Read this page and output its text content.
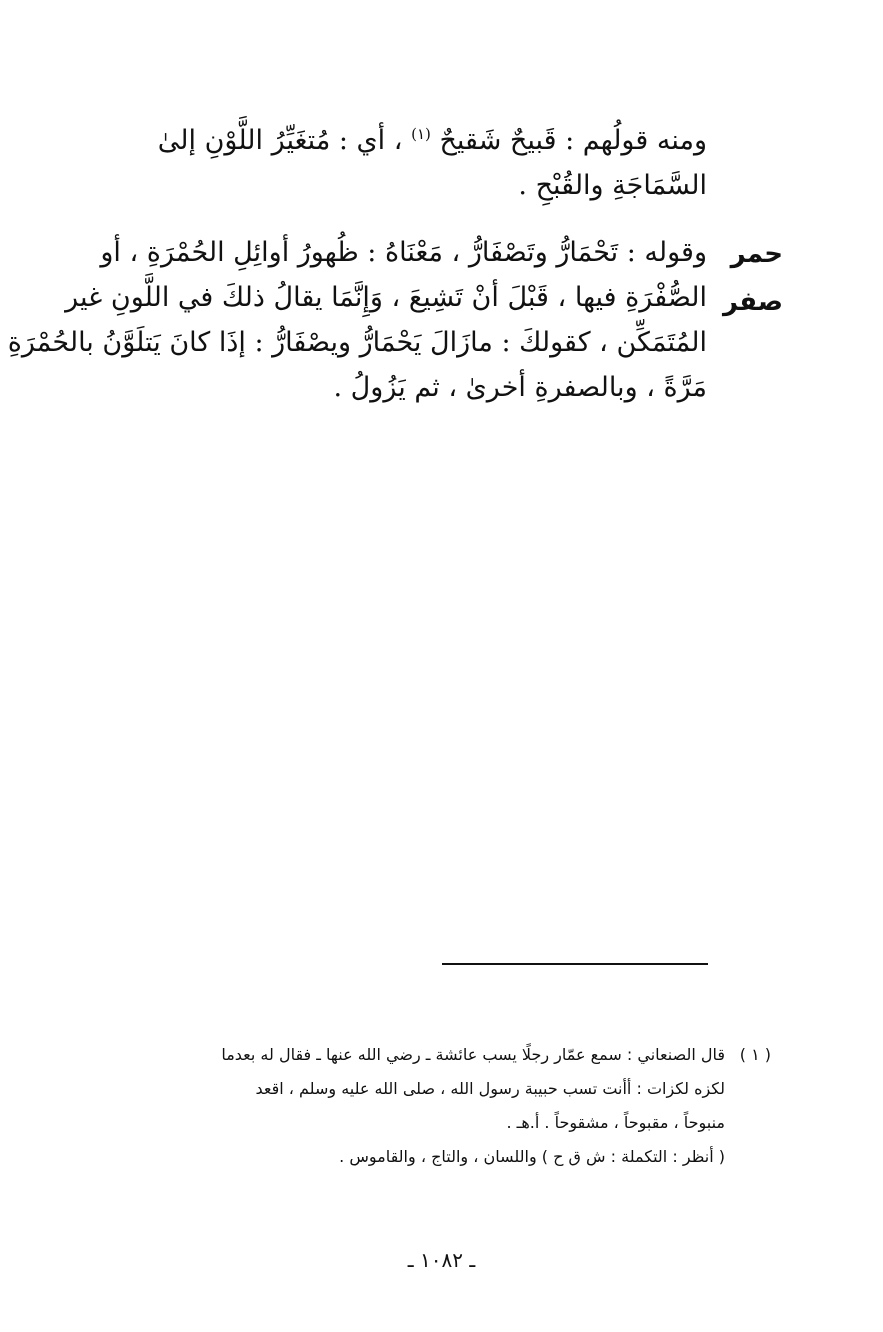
حمر
صفر
ومنه قولُهم : قَبيحٌ شَقيحٌ $^{(١)}$ ، أي : مُتغَيِّرُ اللَّوْنِ إلىٰ
السَّمَاجَةِ والقُبْحِ .
وقوله : تَحْمَارُّ وتَصْفَارُّ ، مَعْنَاهُ : ظُهورُ أوائِلِ الحُمْرَةِ ، أو
الصُّفْرَةِ فيها ، قَبْلَ أنْ تَشِيعَ ، وَإِنَّمَا يقالُ ذلكَ في اللَّونِ غير
المُتَمَكِّن ، كقولكَ : مازَالَ يَحْمَارُّ ويصْفَارُّ : إذَا كانَ يَتلَوَّنُ بالحُمْرَةِ
مَرَّةً ، وبالصفرةِ أخرىٰ ، ثم يَزُولُ .
( ١ )
قال الصنعاني : سمع عمّار رجلًا يسب عائشة ـ رضي الله عنها ـ فقال له بعدما
لكزه لكزات : أأنت تسب حبيبة رسول الله ، صلى الله عليه وسلم ، اقعد
منبوحاً ، مقبوحاً ، مشقوحاً . أ.هـ .
( أنظر : التكملة : ش ق ح ) واللسان ، والتاج ، والقاموس .
ـ ١٠٨٢ ـ
